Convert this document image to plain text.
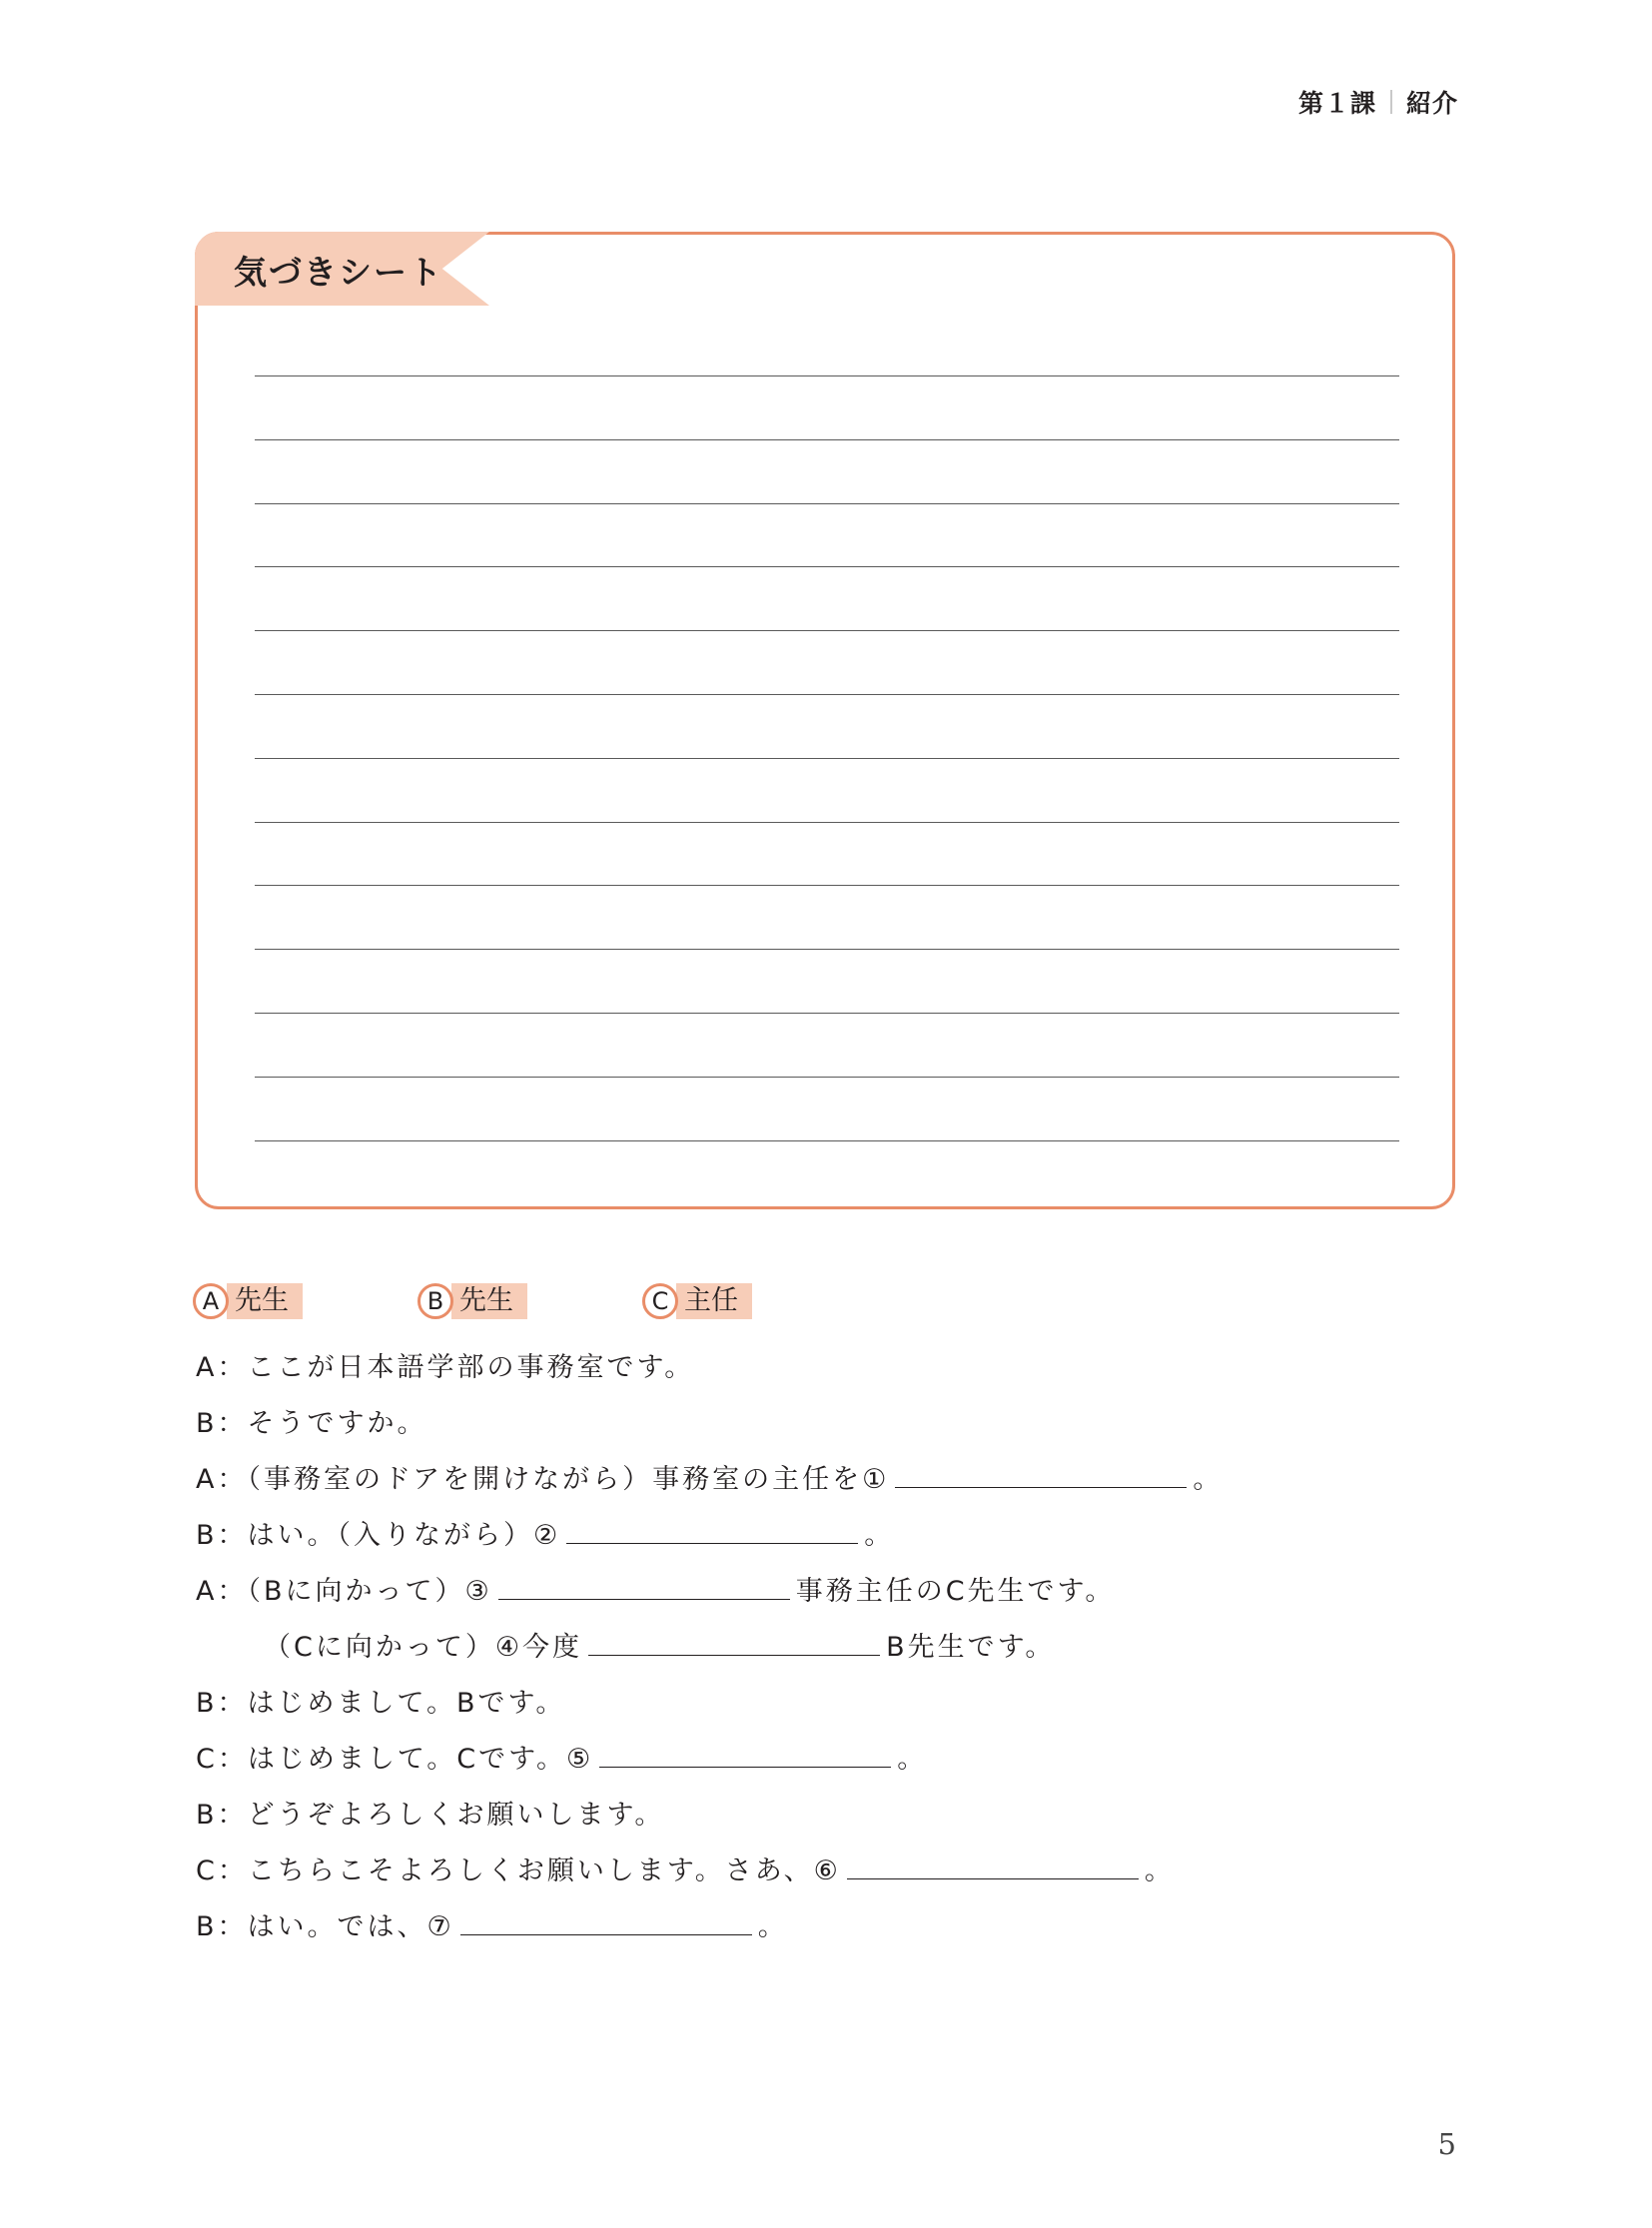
第１課 紹介
気づきシート
A 先生	B 先生	C 主任
A：ここが日本語学部の事務室です。
B：そうですか。
A：（事務室のドアを開けながら）事務室の主任を①	。
B：はい。（入りながら）②	。
A：（Bに向かって）③	事務主任のC先生です。
（Cに向かって）④今度	B先生です。
B：はじめまして。Bです。
C：はじめまして。Cです。⑤	。
B：どうぞよろしくお願いします。
C：こちらこそよろしくお願いします。さあ、⑥	。
B：はい。では、⑦	。
5
